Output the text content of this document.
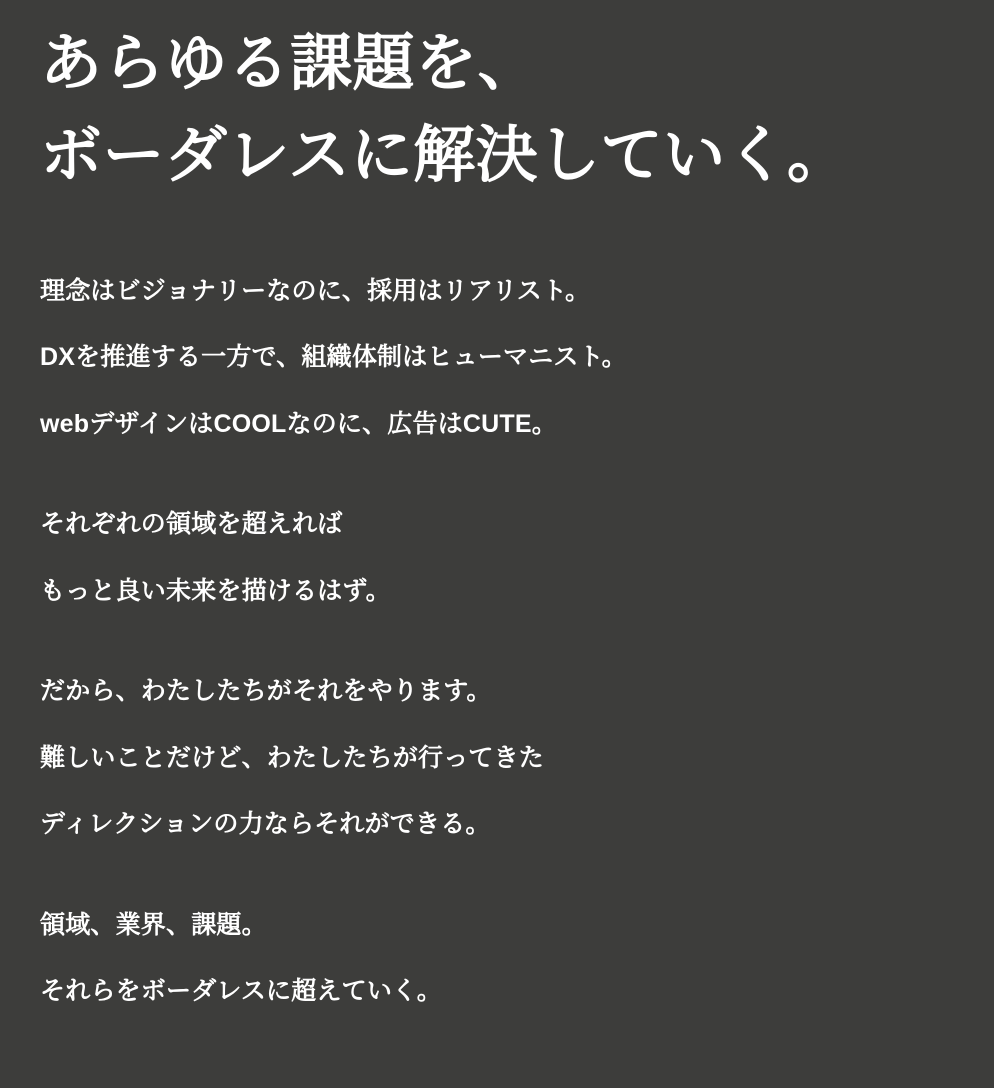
あらゆる課題を、
ボーダレスに解決していく。
理念はビジョナリーなのに、採用はリアリスト。
DXを推進する一方で、組織体制はヒューマニスト。
webデザインはCOOLなのに、広告はCUTE。
それぞれの領域を超えれば
もっと良い未来を描けるはず。
だから、わたしたちがそれをやります。
難しいことだけど、わたしたちが行ってきた
ディレクションの力ならそれができる。
領域、業界、課題。
それらをボーダレスに超えていく。
